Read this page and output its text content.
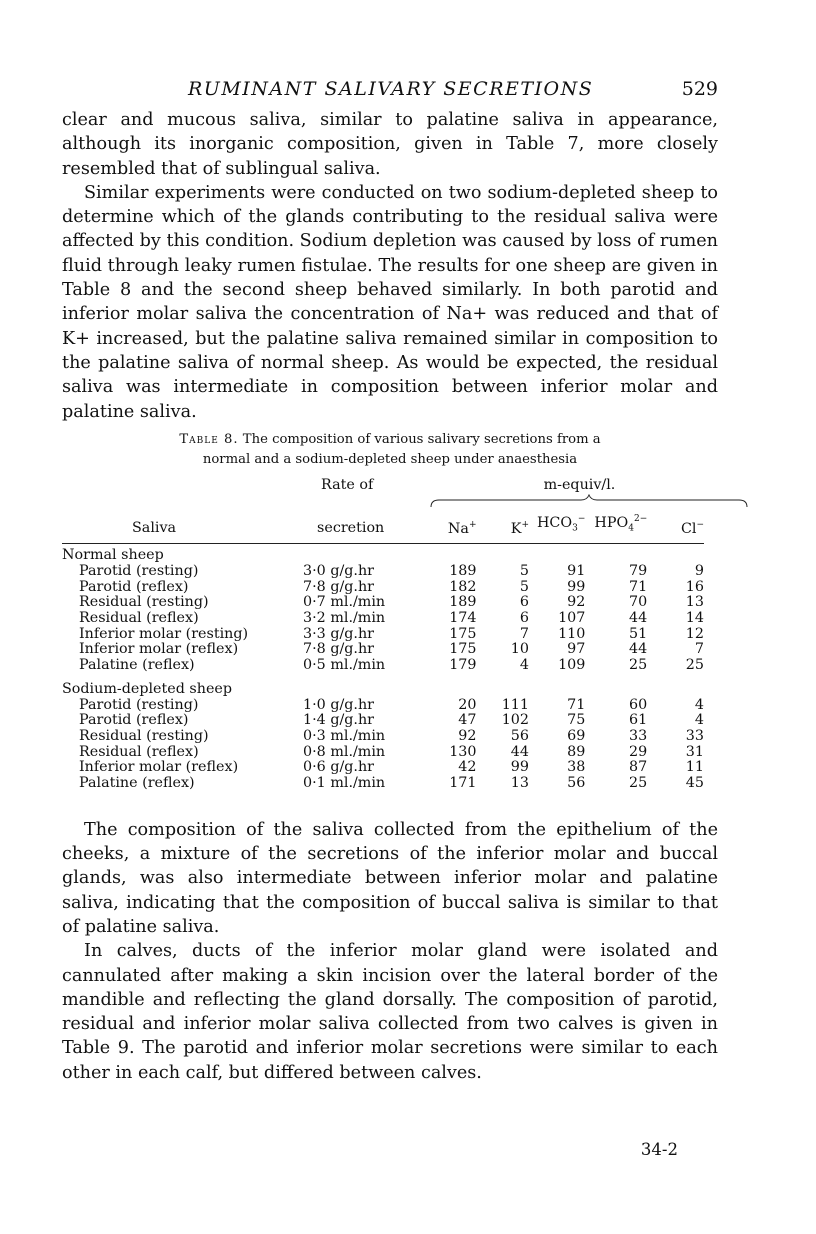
RUMINANT SALIVARY SECRETIONS	529

clear and mucous saliva, similar to palatine saliva in appearance, although its inorganic composition, given in Table 7, more closely resembled that of sublingual saliva.

Similar experiments were conducted on two sodium-depleted sheep to determine which of the glands contributing to the residual saliva were affected by this condition. Sodium depletion was caused by loss of rumen fluid through leaky rumen fistulae. The results for one sheep are given in Table 8 and the second sheep behaved similarly. In both parotid and inferior molar saliva the concentration of Na+ was reduced and that of K+ increased, but the palatine saliva remained similar in composition to the palatine saliva of normal sheep. As would be expected, the residual saliva was intermediate in composition between inferior molar and palatine saliva.

Table 8. The composition of various salivary secretions from a
normal and a sodium-depleted sheep under anaesthesia
	Rate of	m-equiv/l.				

Saliva	secretion	Na+	K+	$HCO_3^-$	$HPO_4^{2-}$	Cl−

Normal sheep						
Parotid (resting)	3·0 g/g.hr	189	5	91	79	9
Parotid (reflex)	7·8 g/g.hr	182	5	99	71	16
Residual (resting)	0·7 ml./min	189	6	92	70	13
Residual (reflex)	3·2 ml./min	174	6	107	44	14
Inferior molar (resting)	3·3 g/g.hr	175	7	110	51	12
Inferior molar (reflex)	7·8 g/g.hr	175	10	97	44	7
Palatine (reflex)	0·5 ml./min	179	4	109	25	25

Sodium-depleted sheep						
Parotid (resting)	1·0 g/g.hr	20	111	71	60	4
Parotid (reflex)	1·4 g/g.hr	47	102	75	61	4
Residual (resting)	0·3 ml./min	92	56	69	33	33
Residual (reflex)	0·8 ml./min	130	44	89	29	31
Inferior molar (reflex)	0·6 g/g.hr	42	99	38	87	11
Palatine (reflex)	0·1 ml./min	171	13	56	25	45

The composition of the saliva collected from the epithelium of the cheeks, a mixture of the secretions of the inferior molar and buccal glands, was also intermediate between inferior molar and palatine saliva, indicating that the composition of buccal saliva is similar to that of palatine saliva.

In calves, ducts of the inferior molar gland were isolated and cannulated after making a skin incision over the lateral border of the mandible and reflecting the gland dorsally. The composition of parotid, residual and inferior molar saliva collected from two calves is given in Table 9. The parotid and inferior molar secretions were similar to each other in each calf, but differed between calves.

34-2
